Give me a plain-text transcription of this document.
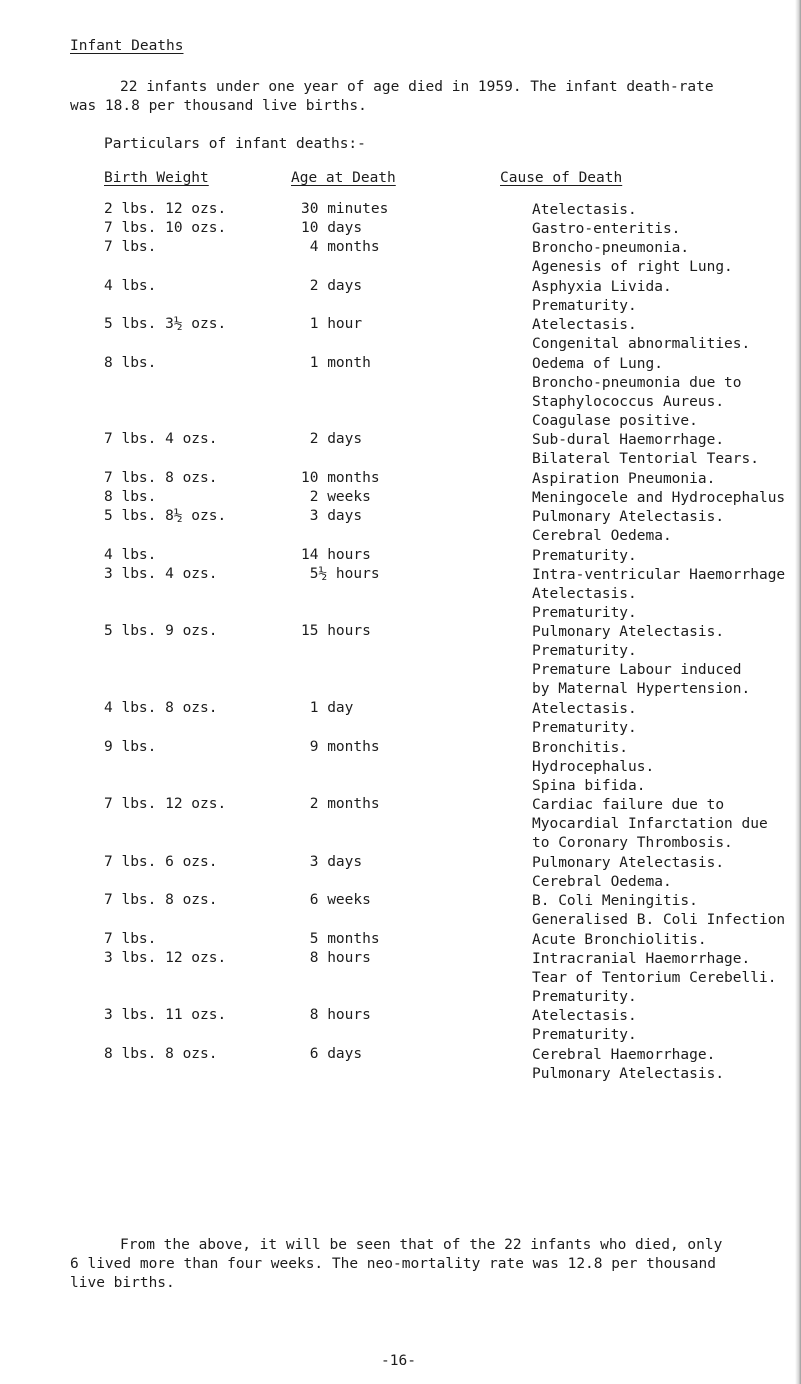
Infant Deaths
22 infants under one year of age died in 1959. The infant death-rate
was 18.8 per thousand live births.
Particulars of infant deaths:-
Birth Weight	Age at Death	Cause of Death
2 lbs. 12 ozs.	30 minutes	Atelectasis.
7 lbs. 10 ozs.	10 days	Gastro-enteritis.
7 lbs.	4 months	Broncho-pneumonia.
Agenesis of right Lung.
4 lbs.	2 days	Asphyxia Livida.
Prematurity.
5 lbs. 3½ ozs.	1 hour	Atelectasis.
Congenital abnormalities.
8 lbs.	1 month	Oedema of Lung.
Broncho-pneumonia due to
Staphylococcus Aureus.
Coagulase positive.
7 lbs. 4 ozs.	2 days	Sub-dural Haemorrhage.
Bilateral Tentorial Tears.
7 lbs. 8 ozs.	10 months	Aspiration Pneumonia.
8 lbs.	2 weeks	Meningocele and Hydrocephalus
5 lbs. 8½ ozs.	3 days	Pulmonary Atelectasis.
Cerebral Oedema.
4 lbs.	14 hours	Prematurity.
3 lbs. 4 ozs.	5½ hours	Intra-ventricular Haemorrhage
Atelectasis.
Prematurity.
5 lbs. 9 ozs.	15 hours	Pulmonary Atelectasis.
Prematurity.
Premature Labour induced
by Maternal Hypertension.
4 lbs. 8 ozs.	1 day	Atelectasis.
Prematurity.
9 lbs.	9 months	Bronchitis.
Hydrocephalus.
Spina bifida.
7 lbs. 12 ozs.	2 months	Cardiac failure due to
Myocardial Infarctation due
to Coronary Thrombosis.
7 lbs. 6 ozs.	3 days	Pulmonary Atelectasis.
Cerebral Oedema.
7 lbs. 8 ozs.	6 weeks	B. Coli Meningitis.
Generalised B. Coli Infection
7 lbs.	5 months	Acute Bronchiolitis.
3 lbs. 12 ozs.	8 hours	Intracranial Haemorrhage.
Tear of Tentorium Cerebelli.
Prematurity.
3 lbs. 11 ozs.	8 hours	Atelectasis.
Prematurity.
8 lbs. 8 ozs.	6 days	Cerebral Haemorrhage.
Pulmonary Atelectasis.
From the above, it will be seen that of the 22 infants who died, only
6 lived more than four weeks. The neo-mortality rate was 12.8 per thousand
live births.
-16-
